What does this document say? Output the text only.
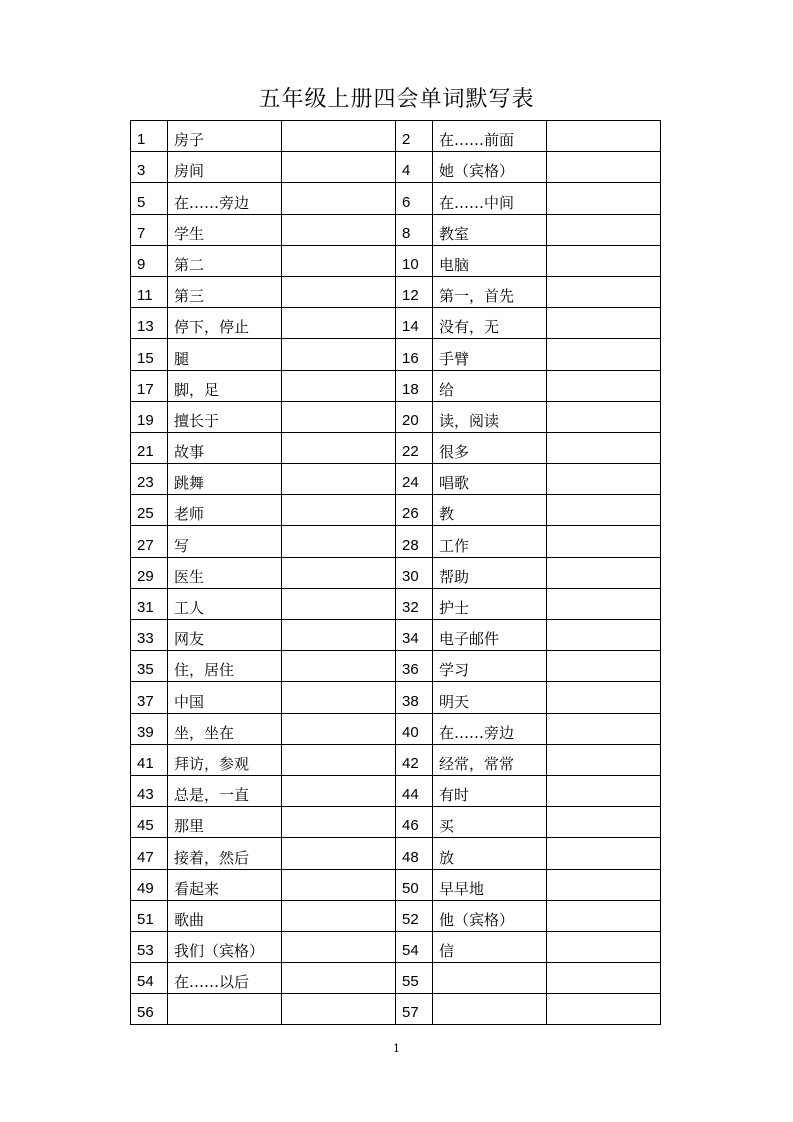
五年级上册四会单词默写表
1	房子		2	在……前面	
3	房间		4	她（宾格）	
5	在……旁边		6	在……中间	
7	学生		8	教室	
9	第二		10	电脑	
11	第三		12	第一，首先	
13	停下，停止		14	没有，无	
15	腿		16	手臂	
17	脚，足		18	给	
19	擅长于		20	读，阅读	
21	故事		22	很多	
23	跳舞		24	唱歌	
25	老师		26	教	
27	写		28	工作	
29	医生		30	帮助	
31	工人		32	护士	
33	网友		34	电子邮件	
35	住，居住		36	学习	
37	中国		38	明天	
39	坐，坐在		40	在……旁边	
41	拜访，参观		42	经常，常常	
43	总是，一直		44	有时	
45	那里		46	买	
47	接着，然后		48	放	
49	看起来		50	早早地	
51	歌曲		52	他（宾格）	
53	我们（宾格）		54	信	
54	在……以后		55		
56			57		
1
